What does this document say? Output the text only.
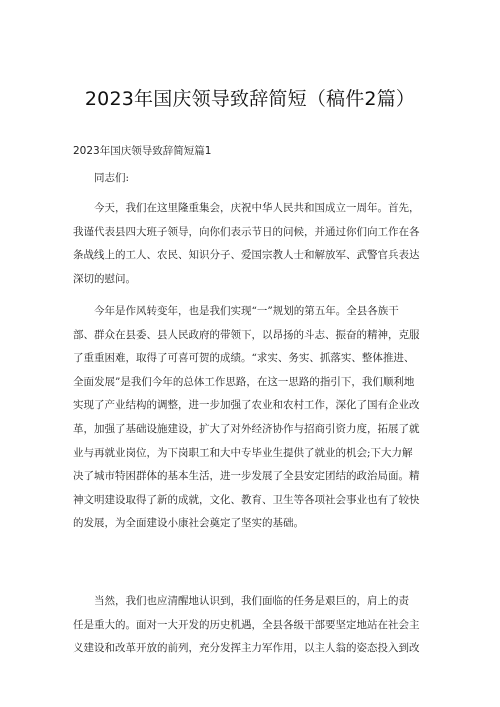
2023年国庆领导致辞简短（稿件2篇）
2023年国庆领导致辞简短篇1
同志们:
今天，我们在这里隆重集会，庆祝中华人民共和国成立一周年。首先，
我谨代表县四大班子领导，向你们表示节日的问候，并通过你们向工作在各
条战线上的工人、农民、知识分子、爱国宗教人士和解放军、武警官兵表达
深切的慰问。
今年是作风转变年，也是我们实现“一”规划的第五年。全县各族干
部、群众在县委、县人民政府的带领下，以昂扬的斗志、振奋的精神，克服
了重重困难，取得了可喜可贺的成绩。“求实、务实、抓落实、整体推进、
全面发展”是我们今年的总体工作思路，在这一思路的指引下，我们顺利地
实现了产业结构的调整，进一步加强了农业和农村工作，深化了国有企业改
革，加强了基础设施建设，扩大了对外经济协作与招商引资力度，拓展了就
业与再就业岗位，为下岗职工和大中专毕业生提供了就业的机会;下大力解
决了城市特困群体的基本生活，进一步发展了全县安定团结的政治局面。精
神文明建设取得了新的成就，文化、教育、卫生等各项社会事业也有了较快
的发展，为全面建设小康社会奠定了坚实的基础。
当然，我们也应清醒地认识到，我们面临的任务是艰巨的，肩上的责
任是重大的。面对一大开发的历史机遇，全县各级干部要坚定地站在社会主
义建设和改革开放的前列，充分发挥主力军作用，以主人翁的姿态投入到改
